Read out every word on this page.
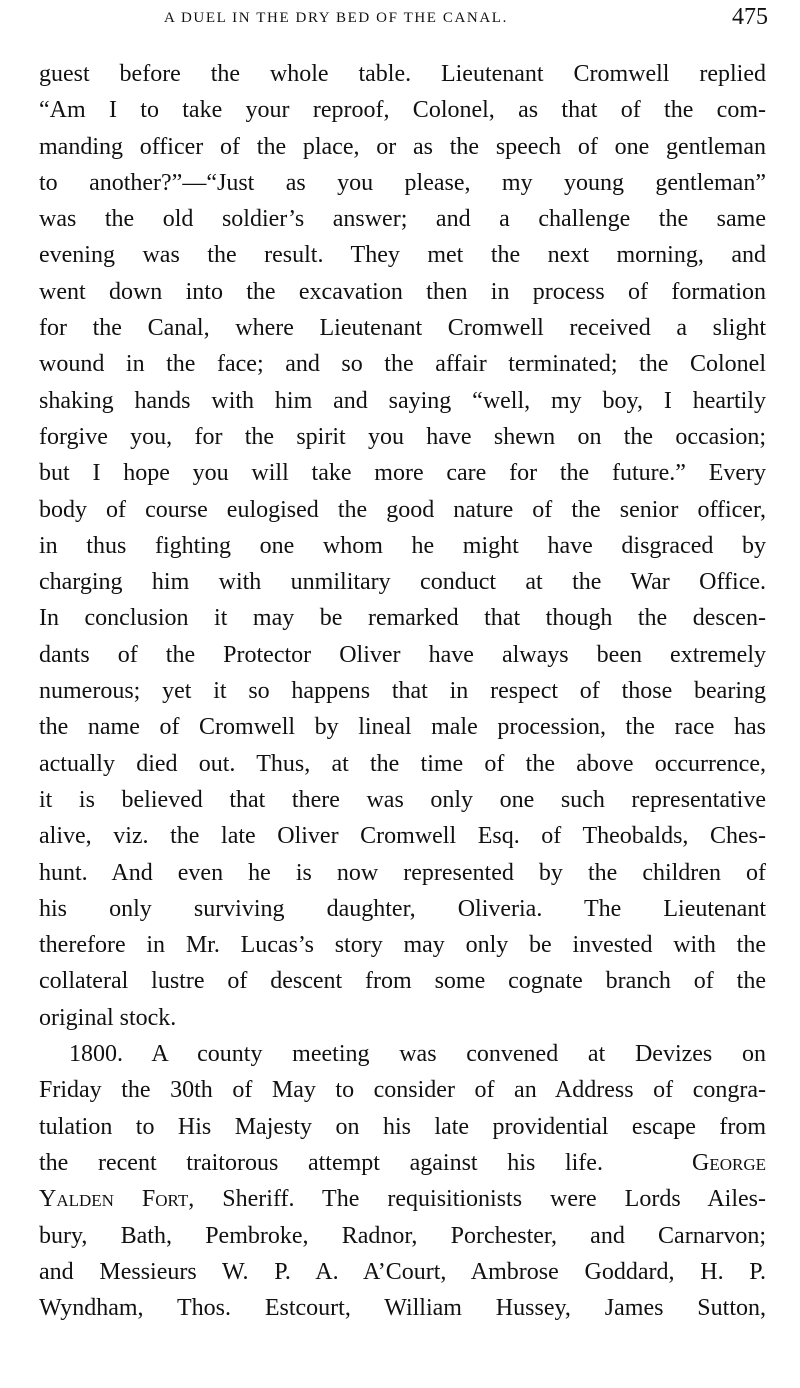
A DUEL IN THE DRY BED OF THE CANAL.	475
guest before the whole table. Lieutenant Cromwell replied
“Am I to take your reproof, Colonel, as that of the com-
manding officer of the place, or as the speech of one gentleman
to another?”—“Just as you please, my young gentleman”
was the old soldier’s answer; and a challenge the same
evening was the result. They met the next morning, and
went down into the excavation then in process of formation
for the Canal, where Lieutenant Cromwell received a slight
wound in the face; and so the affair terminated; the Colonel
shaking hands with him and saying “well, my boy, I heartily
forgive you, for the spirit you have shewn on the occasion;
but I hope you will take more care for the future.” Every
body of course eulogised the good nature of the senior officer,
in thus fighting one whom he might have disgraced by
charging him with unmilitary conduct at the War Office.
In conclusion it may be remarked that though the descen-
dants of the Protector Oliver have always been extremely
numerous; yet it so happens that in respect of those bearing
the name of Cromwell by lineal male procession, the race has
actually died out. Thus, at the time of the above occurrence,
it is believed that there was only one such representative
alive, viz. the late Oliver Cromwell Esq. of Theobalds, Ches-
hunt. And even he is now represented by the children of
his only surviving daughter, Oliveria. The Lieutenant
therefore in Mr. Lucas’s story may only be invested with the
collateral lustre of descent from some cognate branch of the
original stock.
1800. A county meeting was convened at Devizes on
Friday the 30th of May to consider of an Address of congra-
tulation to His Majesty on his late providential escape from
the recent traitorous attempt against his life.	George
Yalden Fort, Sheriff. The requisitionists were Lords Ailes-
bury, Bath, Pembroke, Radnor, Porchester, and Carnarvon;
and Messieurs W. P. A. A’Court, Ambrose Goddard, H. P.
Wyndham, Thos. Estcourt, William Hussey, James Sutton,
